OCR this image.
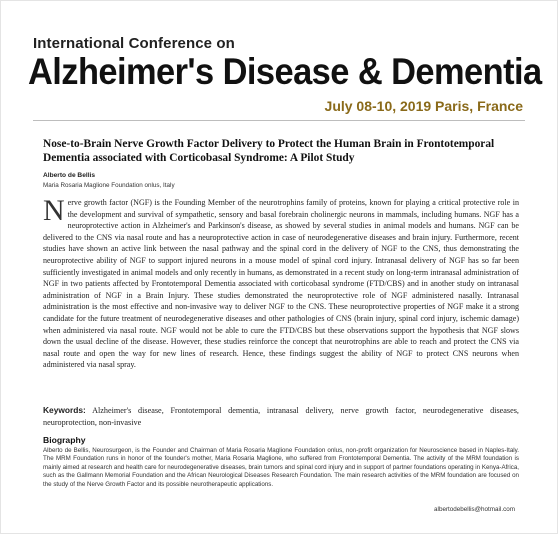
International Conference on
Alzheimer's Disease & Dementia
July 08-10, 2019 Paris, France
Nose-to-Brain Nerve Growth Factor Delivery to Protect the Human Brain in Frontotemporal Dementia associated with Corticobasal Syndrome: A Pilot Study
Alberto de Bellis
Maria Rosaria Maglione Foundation onlus, Italy
Nerve growth factor (NGF) is the Founding Member of the neurotrophins family of proteins, known for playing a critical protective role in the development and survival of sympathetic, sensory and basal forebrain cholinergic neurons in mammals, including humans. NGF has a neuroprotective action in Alzheimer's and Parkinson's disease, as showed by several studies in animal models and humans. NGF can be delivered to the CNS via nasal route and has a neuroprotective action in case of neurodegenerative diseases and brain injury. Furthermore, recent studies have shown an active link between the nasal pathway and the spinal cord in the delivery of NGF to the CNS, thus demonstrating the neuroprotective ability of NGF to support injured neurons in a mouse model of spinal cord injury. Intranasal delivery of NGF has so far been sufficiently investigated in animal models and only recently in humans, as demonstrated in a recent study on long-term intranasal administration of NGF in two patients affected by Frontotemporal Dementia associated with corticobasal syndrome (FTD/CBS) and in another study on intranasal administration of NGF in a Brain Injury. These studies demonstrated the neuroprotective role of NGF administered nasally. Intranasal administration is the most effective and non-invasive way to deliver NGF to the CNS. These neuroprotective properties of NGF make it a strong candidate for the future treatment of neurodegenerative diseases and other pathologies of CNS (brain injury, spinal cord injury, ischemic damage) when administered via nasal route. NGF would not be able to cure the FTD/CBS but these observations support the hypothesis that NGF slows down the usual decline of the disease. However, these studies reinforce the concept that neurotrophins are able to reach and protect the CNS via nasal route and open the way for new lines of research. Hence, these findings suggest the ability of NGF to protect CNS neurons when administered via nasal spray.
Keywords: Alzheimer's disease, Frontotemporal dementia, intranasal delivery, nerve growth factor, neurodegenerative diseases, neuroprotection, non-invasive
Biography
Alberto de Bellis, Neurosurgeon, is the Founder and Chairman of Maria Rosaria Maglione Foundation onlus, non-profit organization for Neuroscience based in Naples-Italy. The MRM Foundation runs in honor of the founder's mother, Maria Rosaria Maglione, who suffered from Frontotemporal Dementia. The activity of the MRM foundation is mainly aimed at research and health care for neurodegenerative diseases, brain tumors and spinal cord injury and in support of partner foundations operating in Kenya-Africa, such as the Gallmann Memorial Foundation and the African Neurological Diseases Research Foundation. The main research activities of the MRM foundation are focused on the study of the Nerve Growth Factor and its possible neurotherapeutic applications.
albertodebellis@hotmail.com
